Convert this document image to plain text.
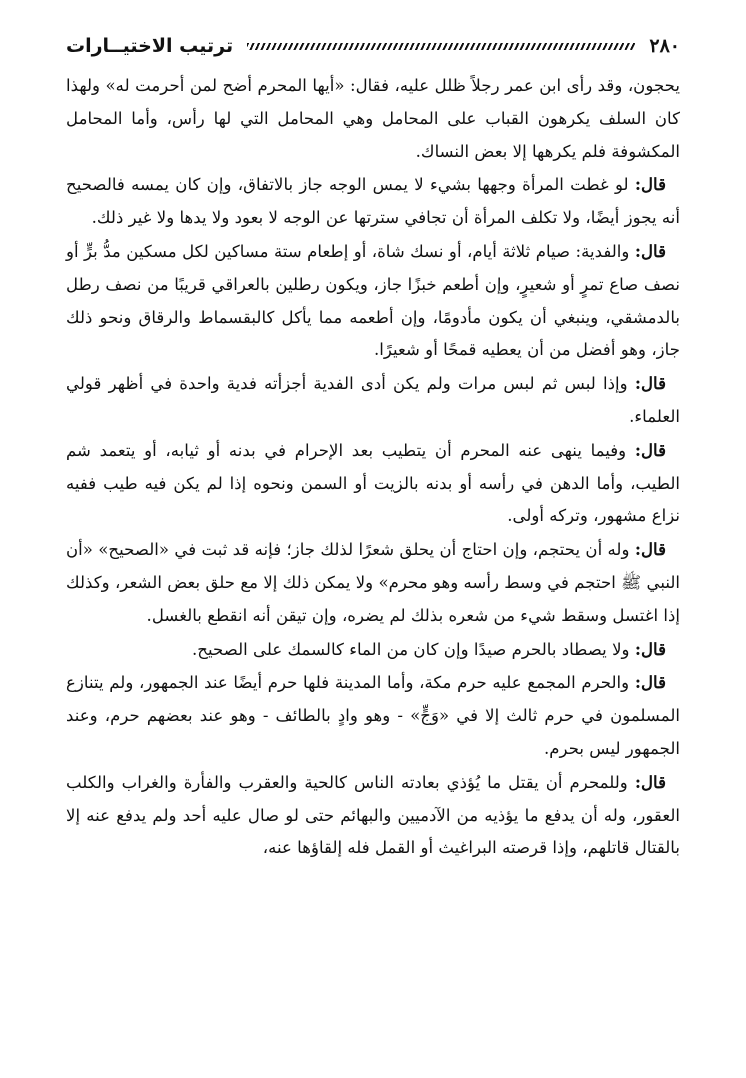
٢٨٠
ترتيب الاختيــارات

يحجون، وقد رأى ابن عمر رجلاً ظلل عليه، فقال: «أيها المحرم أضح لمن أحرمت له» ولهذا كان السلف يكرهون القباب على المحامل وهي المحامل التي لها رأس، وأما المحامل المكشوفة فلم يكرهها إلا بعض النساك.

قال: لو غطت المرأة وجهها بشيء لا يمس الوجه جاز بالاتفاق، وإن كان يمسه فالصحيح أنه يجوز أيضًا، ولا تكلف المرأة أن تجافي سترتها عن الوجه لا بعود ولا يدها ولا غير ذلك.

قال: والفدية: صيام ثلاثة أيام، أو نسك شاة، أو إطعام ستة مساكين لكل مسكين مدُّ برٍّ أو نصف صاع تمرٍ أو شعيرٍ، وإن أطعم خبزًا جاز، ويكون رطلين بالعراقي قريبًا من نصف رطل بالدمشقي، وينبغي أن يكون مأدومًا، وإن أطعمه مما يأكل كالبقسماط والرقاق ونحو ذلك جاز، وهو أفضل من أن يعطيه قمحًا أو شعيرًا.

قال: وإذا لبس ثم لبس مرات ولم يكن أدى الفدية أجزأته فدية واحدة في أظهر قولي العلماء.

قال: وفيما ينهى عنه المحرم أن يتطيب بعد الإحرام في بدنه أو ثيابه، أو يتعمد شم الطيب، وأما الدهن في رأسه أو بدنه بالزيت أو السمن ونحوه إذا لم يكن فيه طيب ففيه نزاع مشهور، وتركه أولى.

قال: وله أن يحتجم، وإن احتاج أن يحلق شعرًا لذلك جاز؛ فإنه قد ثبت في «الصحيح» «أن النبي ﷺ احتجم في وسط رأسه وهو محرم» ولا يمكن ذلك إلا مع حلق بعض الشعر، وكذلك إذا اغتسل وسقط شيء من شعره بذلك لم يضره، وإن تيقن أنه انقطع بالغسل.

قال: ولا يصطاد بالحرم صيدًا وإن كان من الماء كالسمك على الصحيح.

قال: والحرم المجمع عليه حرم مكة، وأما المدينة فلها حرم أيضًا عند الجمهور، ولم يتنازع المسلمون في حرم ثالث إلا في «وَجٍّ» - وهو وادٍ بالطائف - وهو عند بعضهم حرم، وعند الجمهور ليس بحرم.

قال: وللمحرم أن يقتل ما يُؤذي بعادته الناس كالحية والعقرب والفأرة والغراب والكلب العقور، وله أن يدفع ما يؤذيه من الآدميين والبهائم حتى لو صال عليه أحد ولم يدفع عنه إلا بالقتال قاتلهم، وإذا قرصته البراغيث أو القمل فله إلقاؤها عنه،
